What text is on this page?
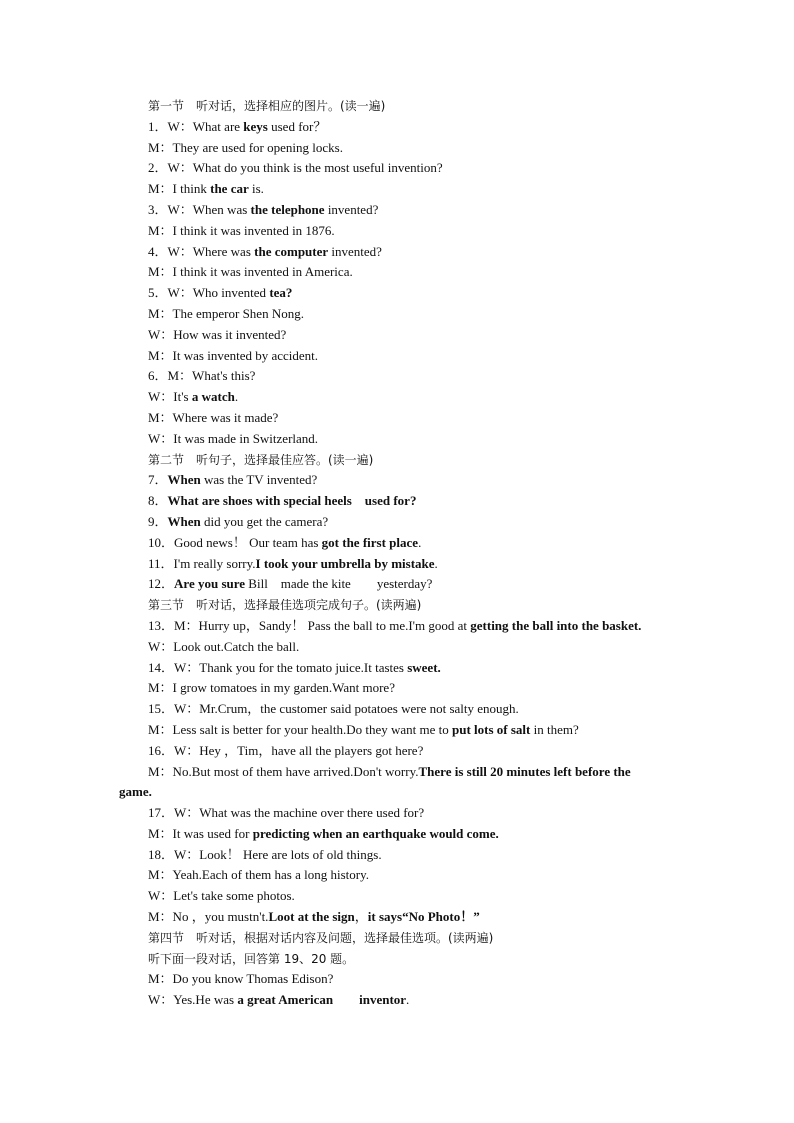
第一节　听对话，选择相应的图片。(读一遍)
1．W：What are keys used for？
M：They are used for opening locks.
2．W：What do you think is the most useful invention?
M：I think the car is.
3．W：When was the telephone invented?
M：I think it was invented in 1876.
4．W：Where was the computer invented?
M：I think it was invented in America.
5．W：Who invented tea?
M：The emperor Shen Nong.
W：How was it invented?
M：It was invented by accident.
6．M：What's this?
W：It's a watch.
M：Where was it made?
W：It was made in Switzerland.
第二节　听句子，选择最佳应答。(读一遍)
7．When was the TV invented?
8．What are shoes with special heels　used for?
9．When did you get the camera?
10．Good news！ Our team has got the first place.
11．I'm really sorry.I took your umbrella by mistake.
12．Are you sure Bill　made the kite　　yesterday?
第三节　听对话，选择最佳选项完成句子。(读两遍)
13．M：Hurry up，Sandy！ Pass the ball to me.I'm good at getting the ball into the basket.
W：Look out.Catch the ball.
14．W：Thank you for the tomato juice.It tastes sweet.
M：I grow tomatoes in my garden.Want more?
15．W：Mr.Crum，the customer said potatoes were not salty enough.
M：Less salt is better for your health.Do they want me to put lots of salt in them?
16．W：Hey ，Tim，have all the players got here?
M：No.But most of them have arrived.Don't worry.There is still 20 minutes left before the
game.
17．W：What was the machine over there used for?
M：It was used for predicting when an earthquake would come.
18．W：Look！ Here are lots of old things.
M：Yeah.Each of them has a long history.
W：Let's take some photos.
M：No ，you mustn't.Loot at the sign，it says“No Photo！”
第四节　听对话，根据对话内容及问题，选择最佳选项。(读两遍)
听下面一段对话，回答第 19、20 题。
M：Do you know Thomas Edison?
W：Yes.He was a great American　　inventor.
